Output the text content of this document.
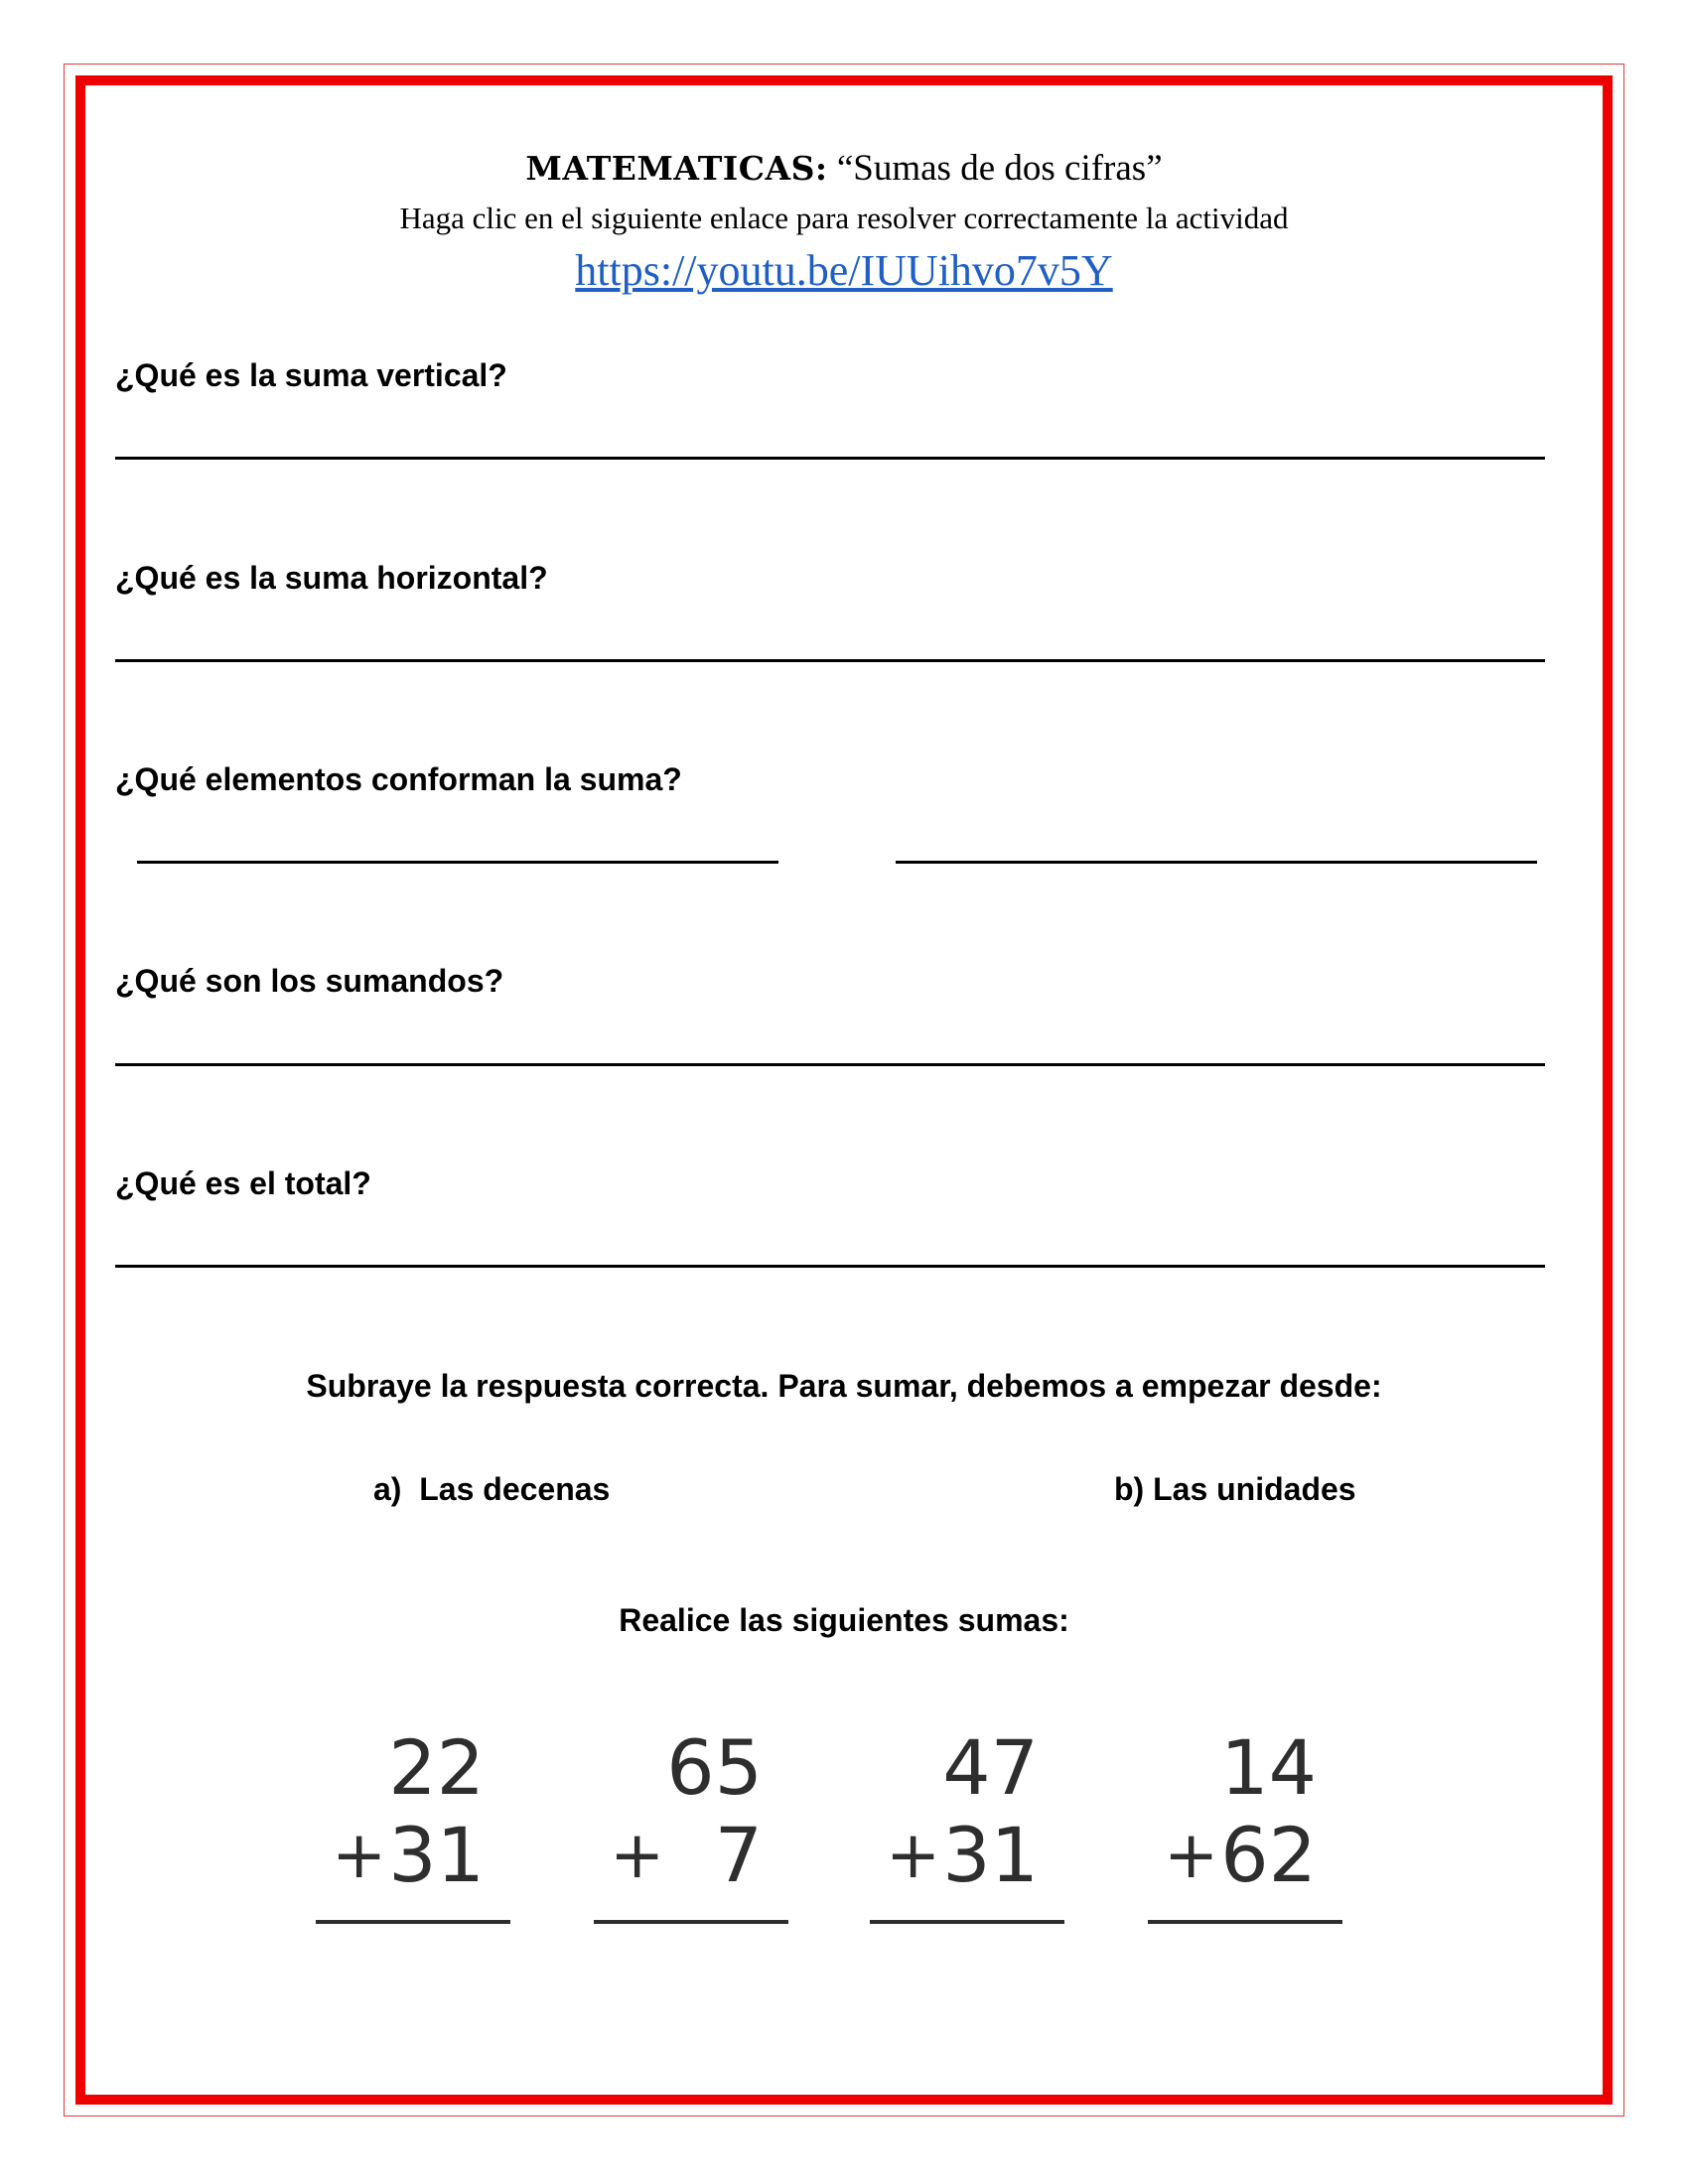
MATEMATICAS: “Sumas de dos cifras”
Haga clic en el siguiente enlace para resolver correctamente la actividad
https://youtu.be/IUUihvo7v5Y
¿Qué es la suma vertical?
¿Qué es la suma horizontal?
¿Qué elementos conforman la suma?
¿Qué son los sumandos?
¿Qué es el total?
Subraye la respuesta correcta. Para sumar, debemos a empezar desde:
a)  Las decenas	b) Las unidades
Realice las siguientes sumas:
22
+ 31
65
+ 7
47
+ 31
14
+ 62
